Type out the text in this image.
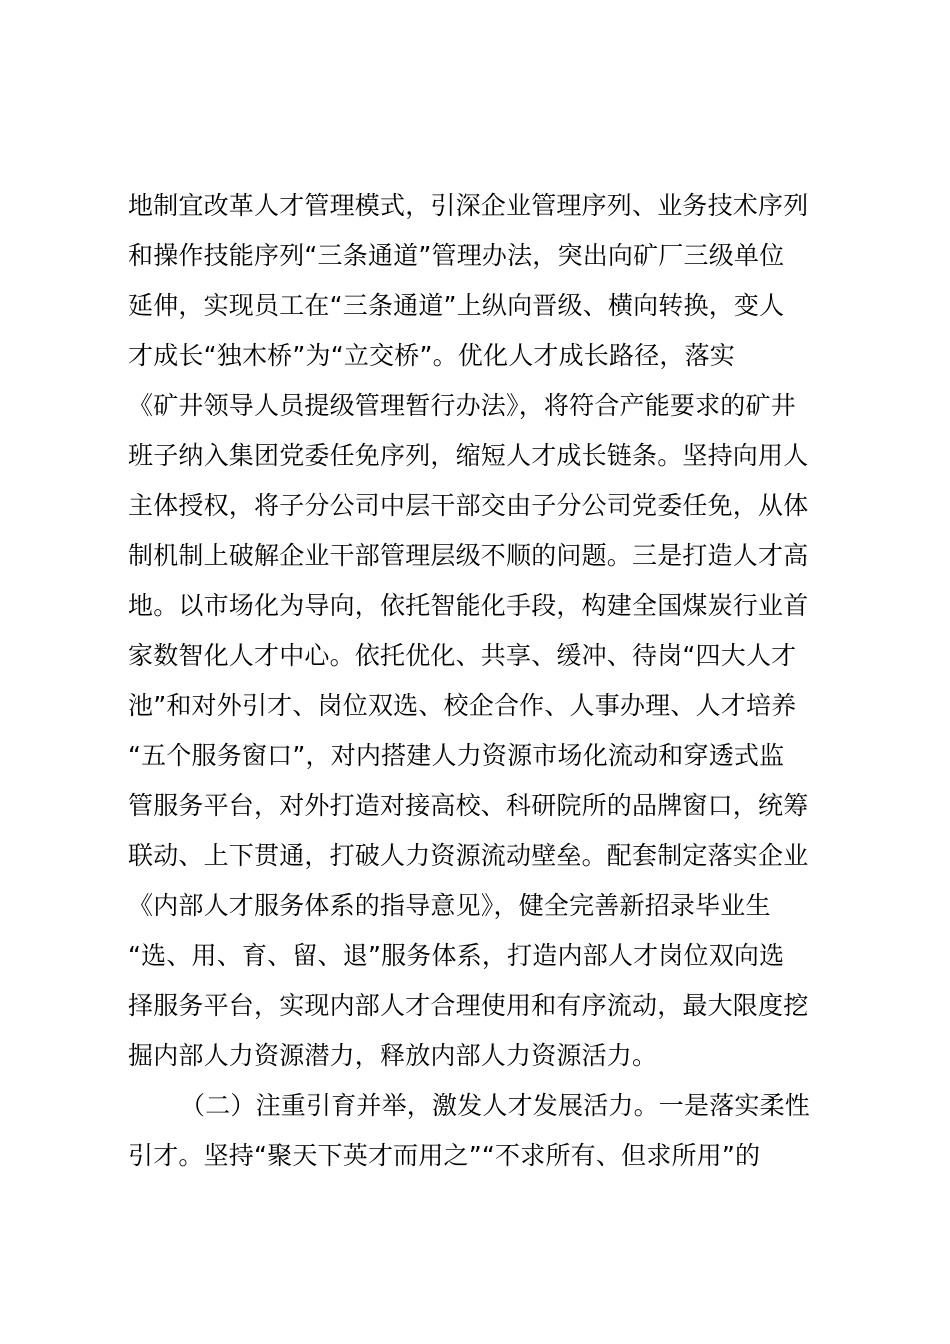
地制宜改革人才管理模式，引深企业管理序列、业务技术序列
和操作技能序列“三条通道”管理办法，突出向矿厂三级单位
延伸，实现员工在“三条通道”上纵向晋级、横向转换，变人
才成长“独木桥”为“立交桥”。优化人才成长路径，落实
《矿井领导人员提级管理暂行办法》，将符合产能要求的矿井
班子纳入集团党委任免序列，缩短人才成长链条。坚持向用人
主体授权，将子分公司中层干部交由子分公司党委任免，从体
制机制上破解企业干部管理层级不顺的问题。三是打造人才高
地。以市场化为导向，依托智能化手段，构建全国煤炭行业首
家数智化人才中心。依托优化、共享、缓冲、待岗“四大人才
池”和对外引才、岗位双选、校企合作、人事办理、人才培养
“五个服务窗口”，对内搭建人力资源市场化流动和穿透式监
管服务平台，对外打造对接高校、科研院所的品牌窗口，统筹
联动、上下贯通，打破人力资源流动壁垒。配套制定落实企业
《内部人才服务体系的指导意见》，健全完善新招录毕业生
“选、用、育、留、退”服务体系，打造内部人才岗位双向选
择服务平台，实现内部人才合理使用和有序流动，最大限度挖
掘内部人力资源潜力，释放内部人力资源活力。
（二）注重引育并举，激发人才发展活力。一是落实柔性
引才。坚持“聚天下英才而用之”“不求所有、但求所用”的
